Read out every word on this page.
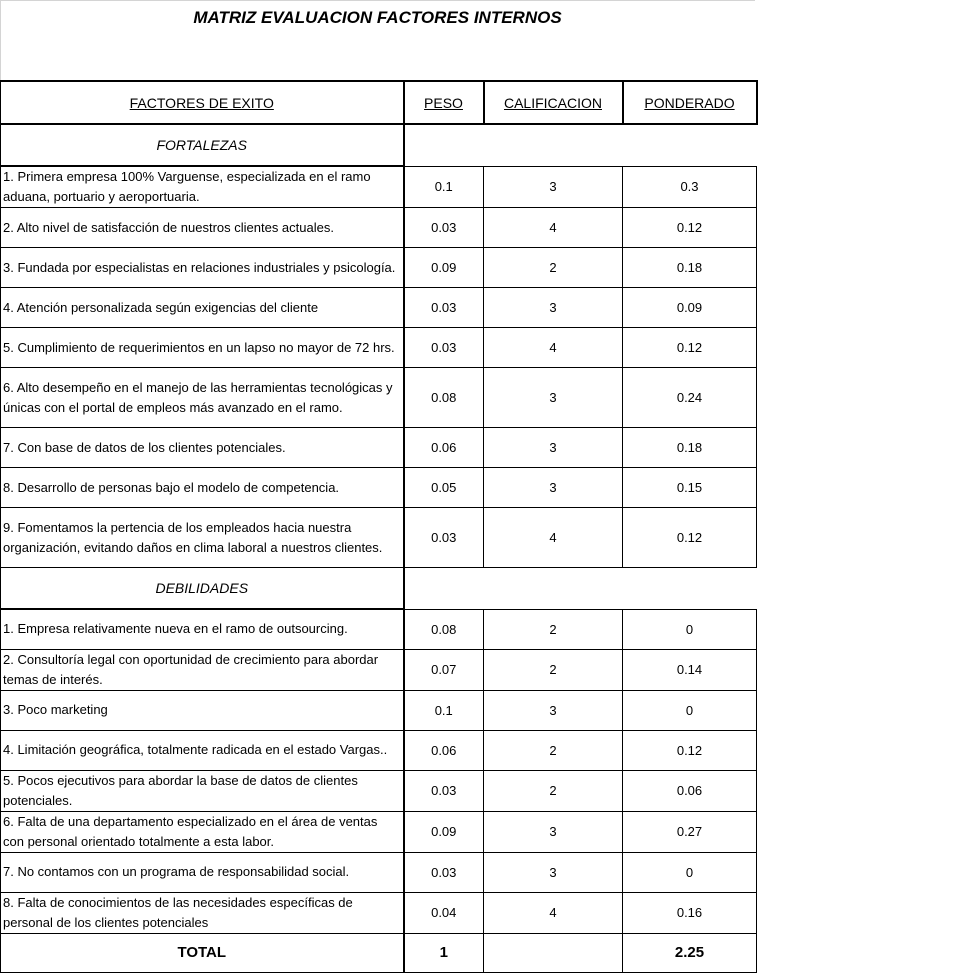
MATRIZ EVALUACION FACTORES INTERNOS
FACTORES DE EXITO	PESO	CALIFICACION	PONDERADO
FORTALEZAS			
1. Primera empresa 100% Varguense, especializada en el ramo aduana, portuario y aeroportuaria.	0.1	3	0.3
2. Alto nivel de satisfacción de nuestros clientes actuales.	0.03	4	0.12
3. Fundada por especialistas en relaciones industriales y psicología.	0.09	2	0.18
4. Atención personalizada según exigencias del cliente	0.03	3	0.09
5. Cumplimiento de requerimientos en un lapso no mayor de 72 hrs.	0.03	4	0.12
6. Alto desempeño en el manejo de las herramientas tecnológicas y únicas con el portal de empleos más avanzado en el ramo.	0.08	3	0.24
7. Con base de datos de los clientes potenciales.	0.06	3	0.18
8. Desarrollo de personas bajo el modelo de competencia.	0.05	3	0.15
9. Fomentamos la pertencia de los empleados hacia nuestra organización, evitando daños en clima laboral a nuestros clientes.	0.03	4	0.12
DEBILIDADES			
1. Empresa relativamente nueva en el ramo de outsourcing.	0.08	2	0
2. Consultoría legal con oportunidad de crecimiento para abordar temas de interés.	0.07	2	0.14
3. Poco marketing	0.1	3	0
4. Limitación geográfica, totalmente radicada en el estado Vargas..	0.06	2	0.12
5. Pocos ejecutivos para abordar la base de datos de clientes potenciales.	0.03	2	0.06
6. Falta de una departamento especializado en el área de ventas con personal orientado totalmente a esta labor.	0.09	3	0.27
7. No contamos con un programa de responsabilidad social.	0.03	3	0
8. Falta de conocimientos de las necesidades específicas de personal de los clientes potenciales	0.04	4	0.16
TOTAL	1		2.25
